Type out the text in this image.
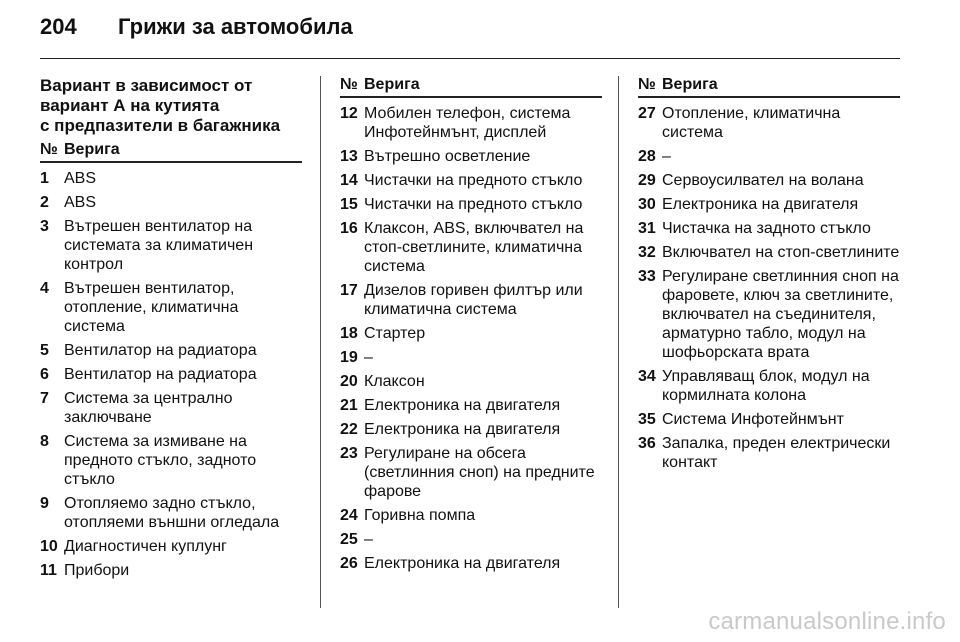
204	Грижи за автомобила
Вариант в зависимост от
вариант А на кутията
с предпазители в багажника
№ Верига
1 ABS
2 ABS
3 Вътрешен вентилатор на системата за климатичен контрол
4 Вътрешен вентилатор, отопление, климатична система
5 Вентилатор на радиатора
6 Вентилатор на радиатора
7 Система за централно заключване
8 Система за измиване на предното стъкло, задното стъкло
9 Отопляемо задно стъкло, отопляеми външни огледала
10 Диагностичен куплунг
11 Прибори
№ Верига
12 Мобилен телефон, система Инфотейнмънт, дисплей
13 Вътрешно осветление
14 Чистачки на предното стъкло
15 Чистачки на предното стъкло
16 Клаксон, ABS, включвател на стоп-светлините, климатична система
17 Дизелов горивен филтър или климатична система
18 Стартер
19 –
20 Клаксон
21 Електроника на двигателя
22 Електроника на двигателя
23 Регулиране на обсега (светлинния сноп) на предните фарове
24 Горивна помпа
25 –
26 Електроника на двигателя
№ Верига
27 Отопление, климатична система
28 –
29 Сервоусилвател на волана
30 Електроника на двигателя
31 Чистачка на задното стъкло
32 Включвател на стоп-светлините
33 Регулиране светлинния сноп на фаровете, ключ за светлините, включвател на съединителя, арматурно табло, модул на шофьорската врата
34 Управляващ блок, модул на кормилната колона
35 Система Инфотейнмънт
36 Запалка, преден електрически контакт
carmanualsonline.info
